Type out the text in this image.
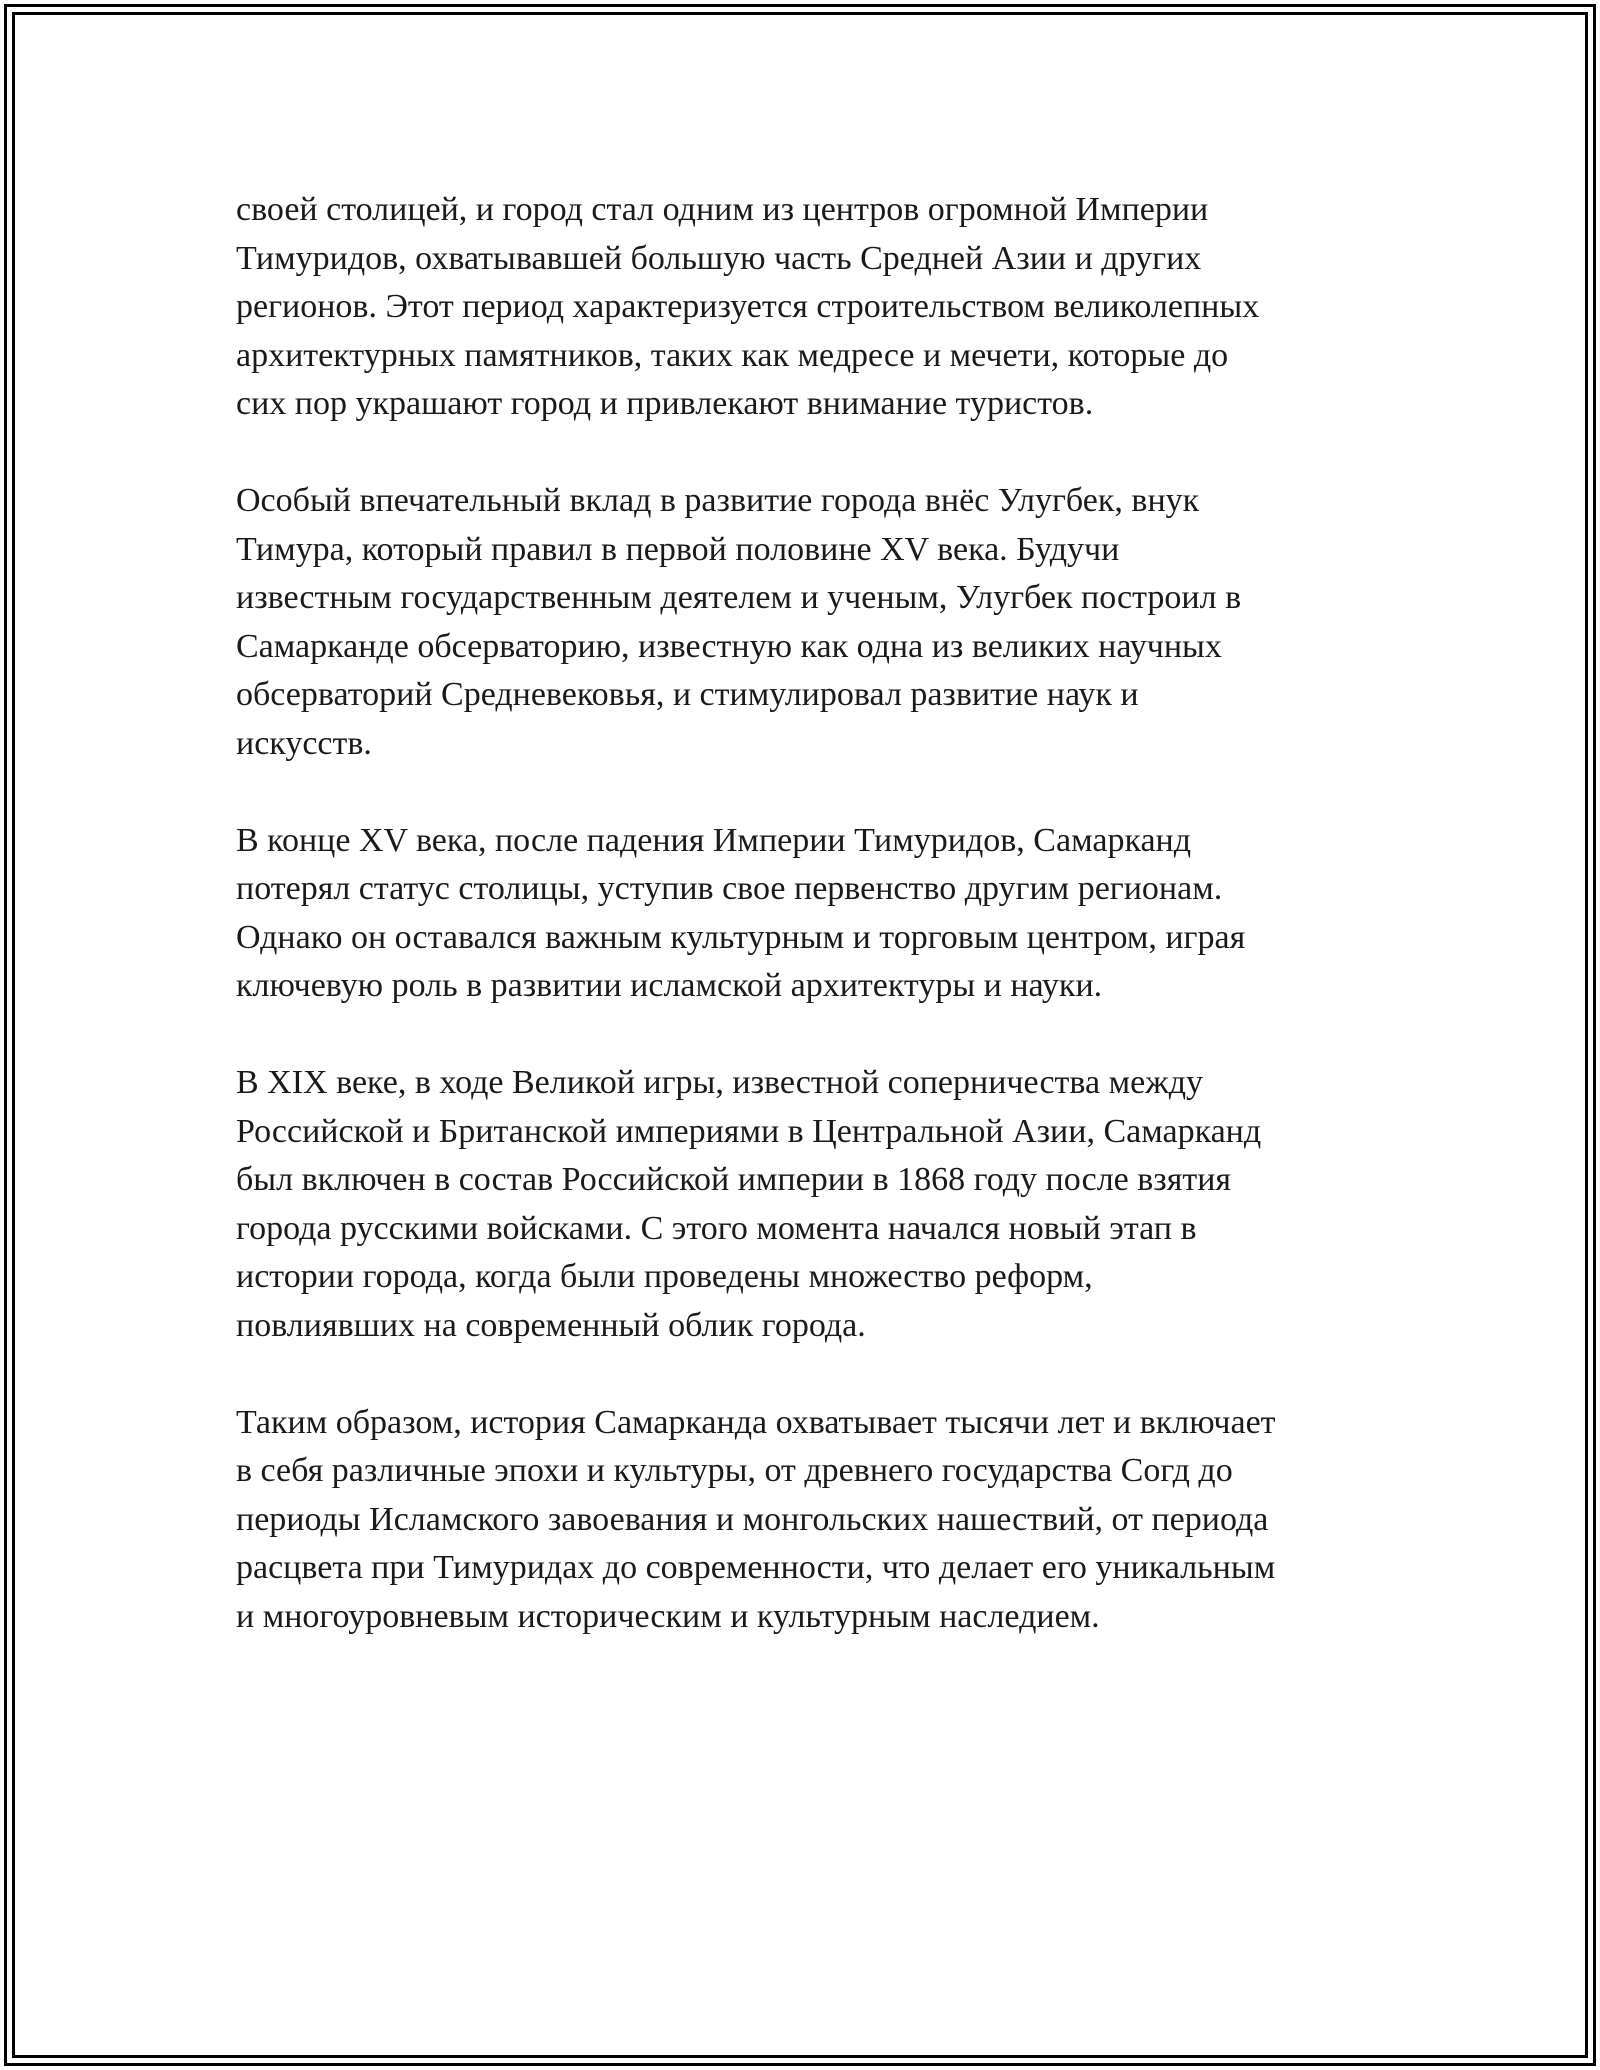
своей столицей, и город стал одним из центров огромной Империи
Тимуридов, охватывавшей большую часть Средней Азии и других
регионов. Этот период характеризуется строительством великолепных
архитектурных памятников, таких как медресе и мечети, которые до
сих пор украшают город и привлекают внимание туристов.
Особый впечательный вклад в развитие города внёс Улугбек, внук
Тимура, который правил в первой половине XV века. Будучи
известным государственным деятелем и ученым, Улугбек построил в
Самарканде обсерваторию, известную как одна из великих научных
обсерваторий Средневековья, и стимулировал развитие наук и
искусств.
В конце XV века, после падения Империи Тимуридов, Самарканд
потерял статус столицы, уступив свое первенство другим регионам.
Однако он оставался важным культурным и торговым центром, играя
ключевую роль в развитии исламской архитектуры и науки.
В XIX веке, в ходе Великой игры, известной соперничества между
Российской и Британской империями в Центральной Азии, Самарканд
был включен в состав Российской империи в 1868 году после взятия
города русскими войсками. С этого момента начался новый этап в
истории города, когда были проведены множество реформ,
повлиявших на современный облик города.
Таким образом, история Самарканда охватывает тысячи лет и включает
в себя различные эпохи и культуры, от древнего государства Согд до
периоды Исламского завоевания и монгольских нашествий, от периода
расцвета при Тимуридах до современности, что делает его уникальным
и многоуровневым историческим и культурным наследием.
